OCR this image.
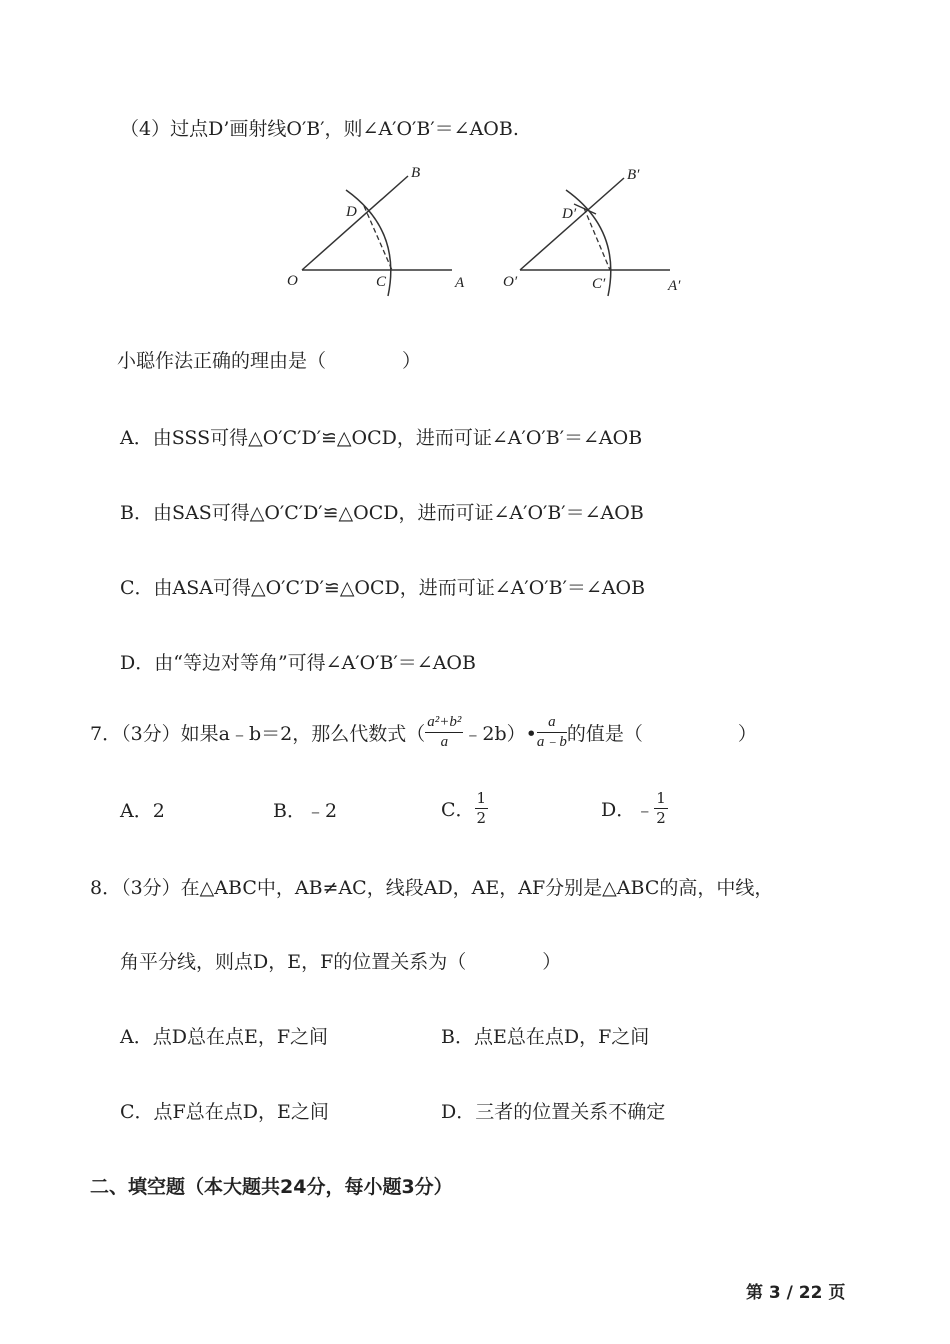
（4）过点D’画射线O′B′，则∠A′O′B′＝∠AOB.
O	C	A
D
B
O′	C′	A′
D′
B′
小聪作法正确的理由是（　　　　）
A．由SSS可得△O′C′D′≌△OCD，进而可证∠A′O′B′＝∠AOB
B．由SAS可得△O′C′D′≌△OCD，进而可证∠A′O′B′＝∠AOB
C．由ASA可得△O′C′D′≌△OCD，进而可证∠A′O′B′＝∠AOB
D．由“等边对等角”可得∠A′O′B′＝∠AOB
7．（3分）如果a﹣b＝2，那么代数式（ $\frac{\text{a²+b²}}{a}$ ﹣2b）• $\frac{a}{a﹣b}$ 的值是（　　　　　）
A．2	B．﹣2	C． $\frac{1}{2}$	D．﹣ $\frac{1}{2}$
8．（3分）在△ABC中，AB≠AC，线段AD，AE，AF分别是△ABC的高，中线，
角平分线，则点D，E，F的位置关系为（　　　　）
A．点D总在点E，F之间	B．点E总在点D，F之间
C．点F总在点D，E之间	D．三者的位置关系不确定
二、填空题（本大题共24分，每小题3分）
第 3 / 22 页
